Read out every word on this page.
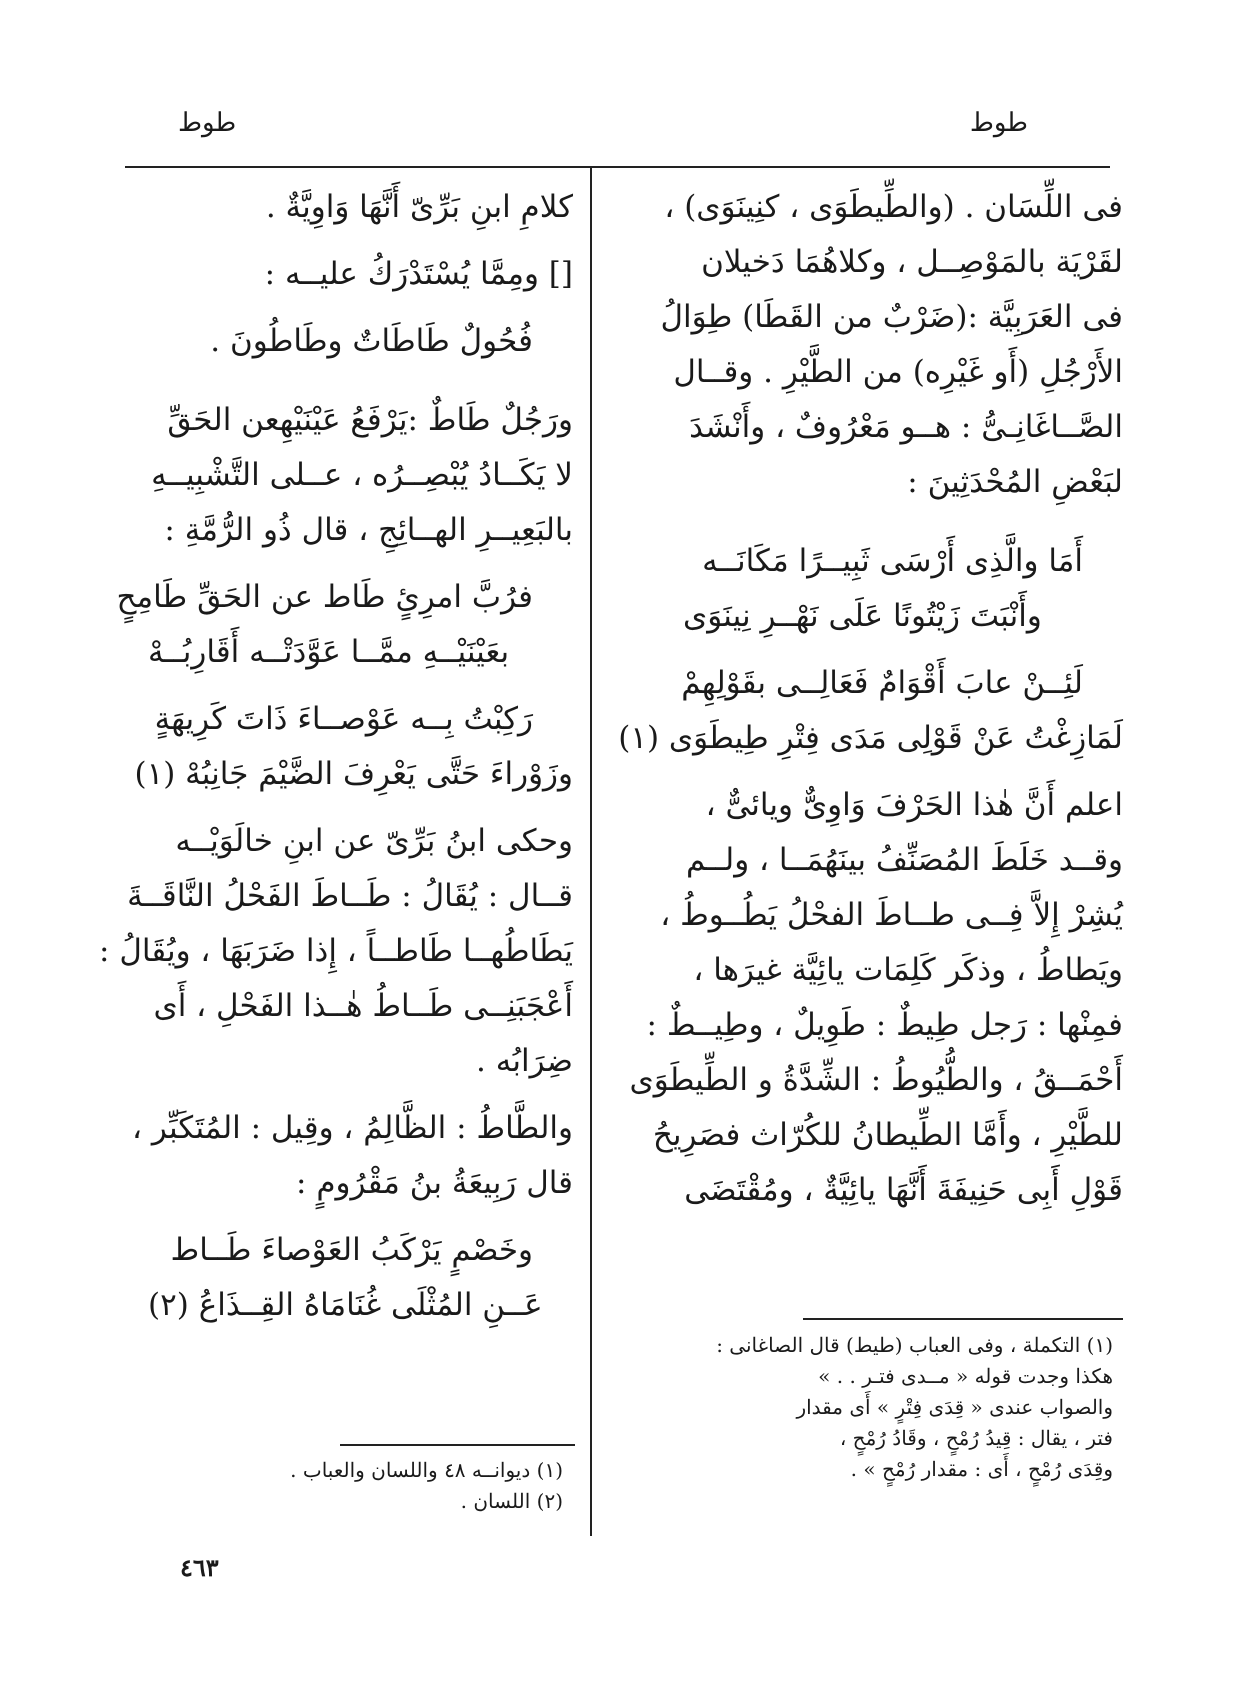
طوط
طوط
فى اللِّسَان . (والطِّيطَوَى ، كنِينَوَى) ،
لقَرْيَة بالمَوْصِــل ، وكلاهُمَا دَخيلان
فى العَرَبِيَّة :(ضَرْبٌ من القَطَا) طِوَالُ
الأَرْجُلِ (أَو غَيْرِه) من الطَّيْرِ . وقــال
الصَّــاغَانِـىُّ : هــو مَعْرُوفٌ ، وأَنْشَدَ
لبَعْضِ المُحْدَثِينَ :
أَمَا والَّذِى أَرْسَى ثَبِيــرًا مَكَانَــه
وأَنْبَتَ زَيْتُونًا عَلَى نَهْــرِ نِينَوَى
لَئِــنْ عابَ أَقْوَامٌ فَعَالِــى بقَوْلِهِمْ
لَمَازِغْتُ عَنْ قَوْلِى مَدَى فِتْرِ طِيطَوَى (١)
اعلم أَنَّ هٰذا الحَرْفَ وَاوِىٌّ ويائىٌّ ،
وقــد خَلَطَ المُصَنِّفُ بينَهُمَــا ، ولــم
يُشِرْ إِلاَّ فِــى طــاطَ الفحْلُ يَطُــوطُ ،
ويَطاطُ ، وذكَر كَلِمَات يائِيَّة غيرَها ،
فمِنْها : رَجل طِيطٌ : طَوِيلٌ ، وطِيــطٌ :
أَحْمَــقُ ، والطُّيُوطُ : الشِّدَّةُ و الطِّيطَوَى
للطَّيْرِ ، وأَمَّا الطِّيطانُ للكُرّاث فصَرِيحُ
قَوْلِ أَبِى حَنِيفَةَ أَنَّهَا يائِيَّةٌ ، ومُقْتَضَى
كلامِ ابنِ بَرِّىّ أَنَّهَا وَاوِيَّةٌ .
[] ومِمَّا يُسْتَدْرَكُ عليــه :
فُحُولٌ طَاطَاتٌ وطَاطُونَ .
ورَجُلٌ طَاطٌ :يَرْفَعُ عَيْنَيْهِعن الحَقِّ
لا يَكَــادُ يُبْصِــرُه ، عــلى التَّشْبِيــهِ
بالبَعِيــرِ الهــائِجِ ، قال ذُو الرُّمَّةِ :
فرُبَّ امرِئٍ طَاط عن الحَقِّ طَامِحٍ
بعَيْنَيْــهِ ممَّــا عَوَّدَتْــه أَقَارِبُــهْ
رَكِبْتُ بِــه عَوْصــاءَ ذَاتَ كَرِيهَةٍ
وزَوْراءَ حَتَّى يَعْرِفَ الضَّيْمَ جَانِبُهْ (١)
وحكى ابنُ بَرِّىّ عن ابنِ خالَوَيْــه
قــال : يُقَالُ : طَــاطَ الفَحْلُ النَّاقَــةَ
يَطَاطُهــا طَاطــاً ، إِذا ضَرَبَهَا ، ويُقَالُ :
أَعْجَبَنِــى طَــاطُ هٰــذا الفَحْلِ ، أَى
ضِرَابُه .
والطَّاطُ : الظَّالِمُ ، وقِيل : المُتَكَبِّر ،
قال رَبِيعَةُ بنُ مَقْرُومٍ :
وخَصْمٍ يَرْكَبُ العَوْصاءَ طَــاط
عَــنِ المُثْلَى غُنَامَاهُ القِــذَاعُ (٢)
(١) التكملة ، وفى العباب (طيط) قال الصاغانى :
هكذا وجدت قوله « مــدى فتـر . . »
والصواب عندى « قِدَى فِتْرٍ » أَى مقدار
فتر ، يقال : قِيدُ رُمْحٍ ، وقَادُ رُمْحٍ ،
وقِدَى رُمْحٍ ، أَى : مقدار رُمْحٍ » .
(١) ديوانــه ٤٨ واللسان والعباب .
(٢) اللسان .
٤٦٣
